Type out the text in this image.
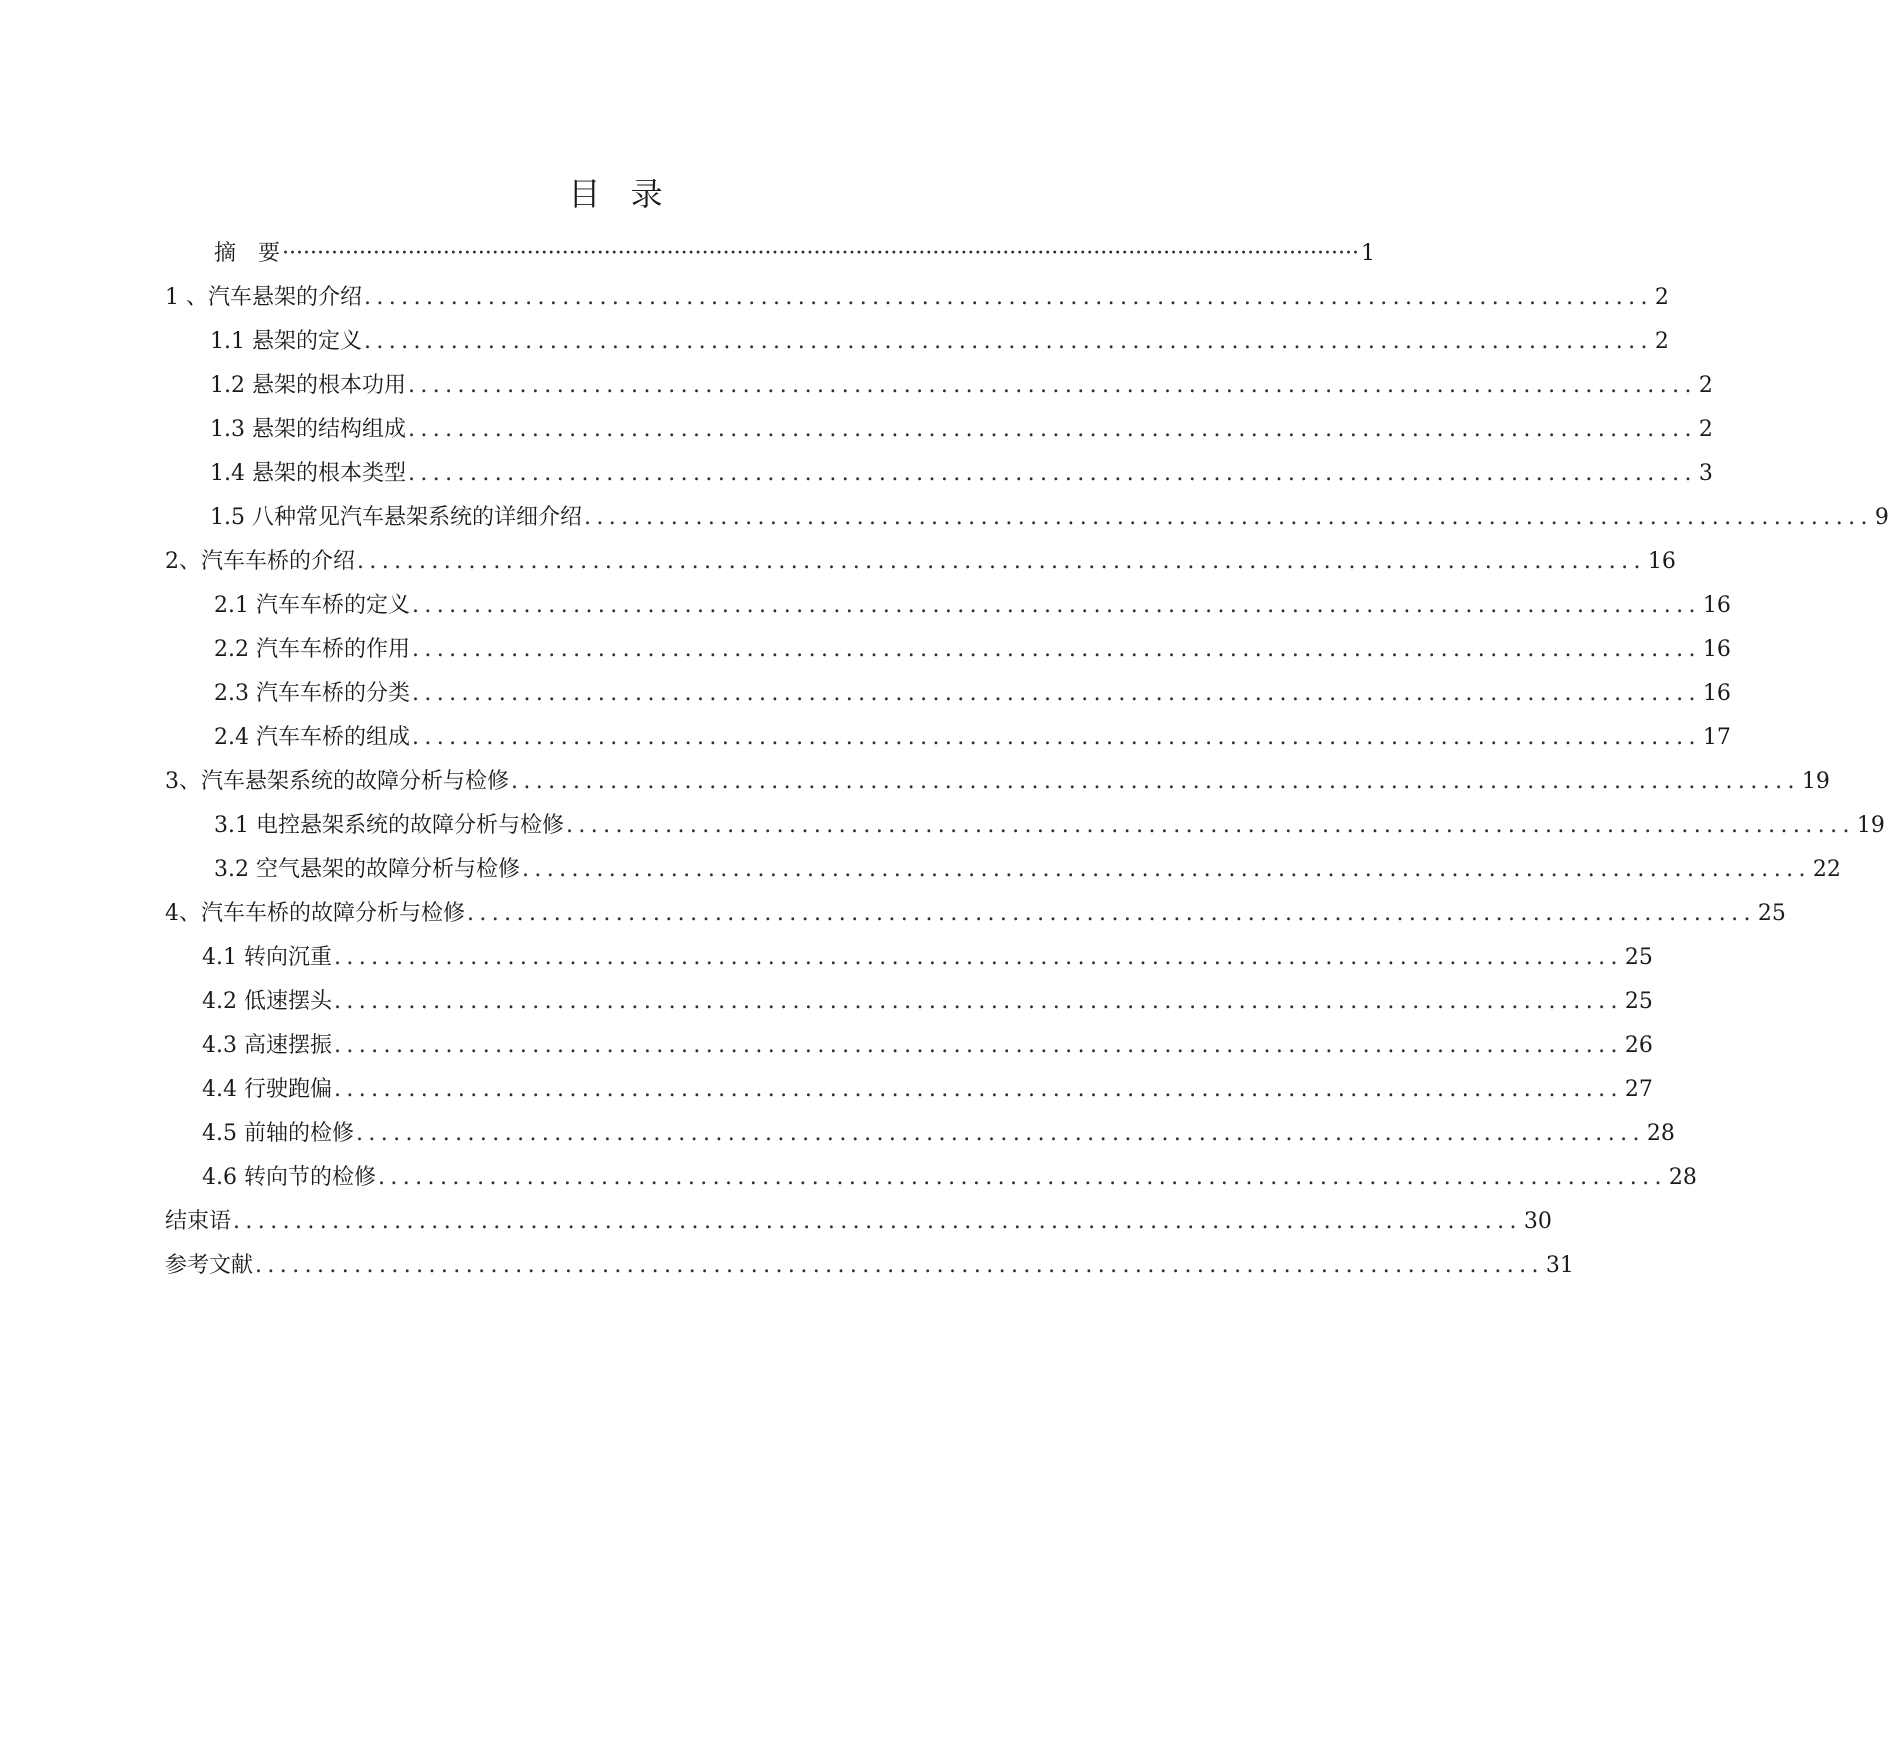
目 录
摘　要 ·························································································································································· 1
1 、汽车悬架的介绍 ........................................................................................................ 2
1.1 悬架的定义 ........................................................................................................ 2
1.2 悬架的根本功用 ........................................................................................................ 2
1.3 悬架的结构组成 ........................................................................................................ 2
1.4 悬架的根本类型 ........................................................................................................ 3
1.5 八种常见汽车悬架系统的详细介绍 ........................................................................................................ 9
2、汽车车桥的介绍 ........................................................................................................ 16
2.1 汽车车桥的定义 ........................................................................................................ 16
2.2 汽车车桥的作用 ........................................................................................................ 16
2.3 汽车车桥的分类 ........................................................................................................ 16
2.4 汽车车桥的组成 ........................................................................................................ 17
3、汽车悬架系统的故障分析与检修 ........................................................................................................ 19
3.1 电控悬架系统的故障分析与检修 ........................................................................................................ 19
3.2 空气悬架的故障分析与检修 ........................................................................................................ 22
4、汽车车桥的故障分析与检修 ........................................................................................................ 25
4.1 转向沉重 ........................................................................................................ 25
4.2 低速摆头 ........................................................................................................ 25
4.3 高速摆振 ........................................................................................................ 26
4.4 行驶跑偏 ........................................................................................................ 27
4.5 前轴的检修 ........................................................................................................ 28
4.6 转向节的检修 ........................................................................................................ 28
结束语 ........................................................................................................ 30
参考文献 ........................................................................................................ 31
